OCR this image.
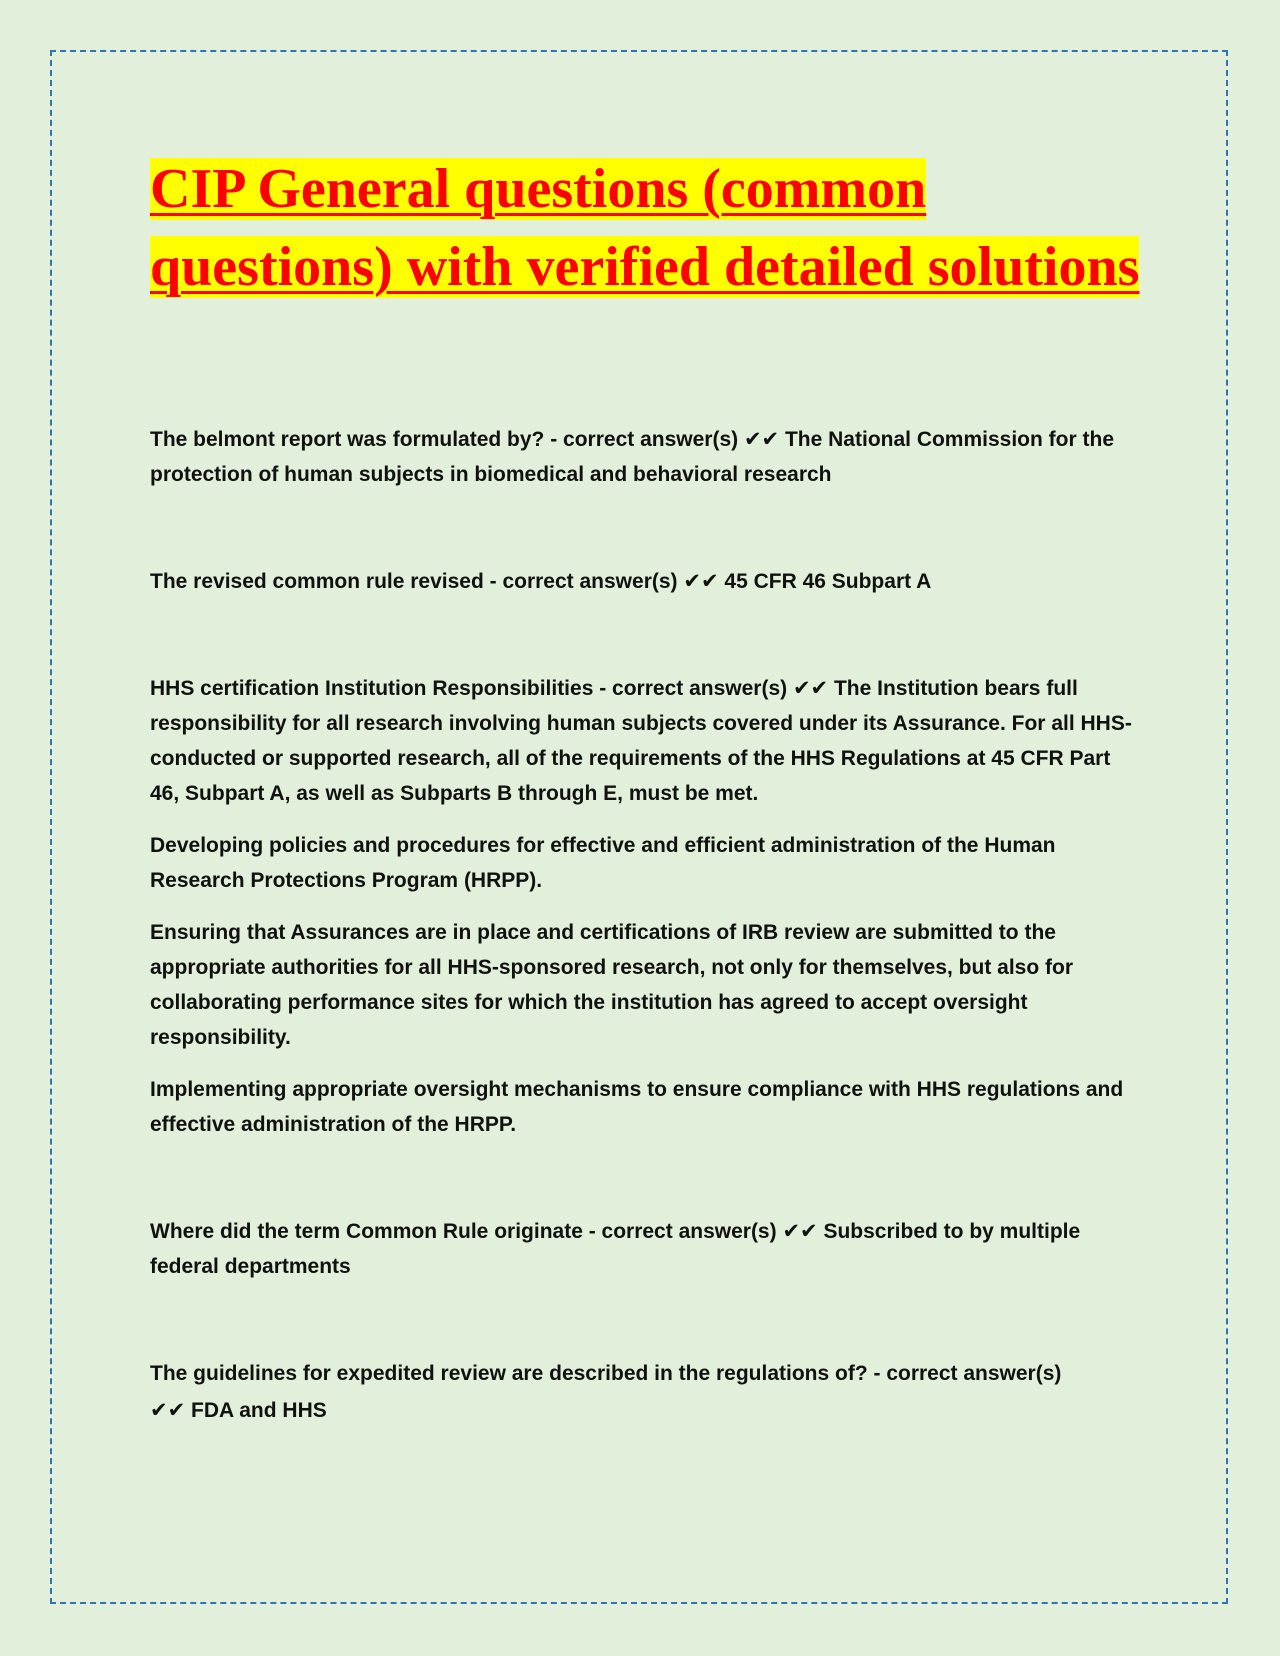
CIP General questions (common questions) with verified detailed solutions

The belmont report was formulated by? - correct answer(s) ✔✔ The National Commission for the protection of human subjects in biomedical and behavioral research

The revised common rule revised - correct answer(s) ✔✔ 45 CFR 46 Subpart A

HHS certification Institution Responsibilities - correct answer(s) ✔✔ The Institution bears full responsibility for all research involving human subjects covered under its Assurance. For all HHS-conducted or supported research, all of the requirements of the HHS Regulations at 45 CFR Part 46, Subpart A, as well as Subparts B through E, must be met.

Developing policies and procedures for effective and efficient administration of the Human Research Protections Program (HRPP).

Ensuring that Assurances are in place and certifications of IRB review are submitted to the appropriate authorities for all HHS-sponsored research, not only for themselves, but also for collaborating performance sites for which the institution has agreed to accept oversight responsibility.

Implementing appropriate oversight mechanisms to ensure compliance with HHS regulations and effective administration of the HRPP.

Where did the term Common Rule originate - correct answer(s) ✔✔ Subscribed to by multiple federal departments

The guidelines for expedited review are described in the regulations of? - correct answer(s)
✔✔ FDA and HHS
